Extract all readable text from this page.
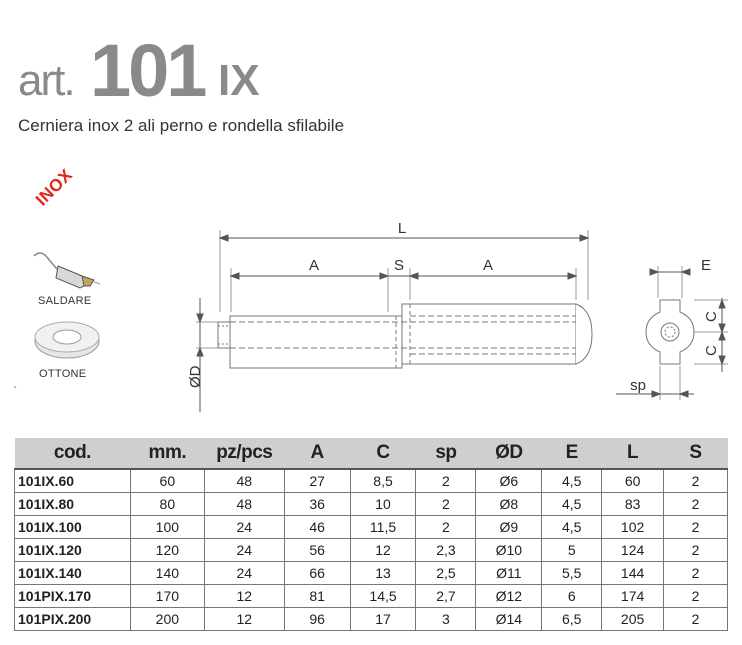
art. 101 IX
Cerniera inox 2 ali perno e rondella sfilabile
INOX
L
A	S	A
ØD
E
C
C
sp
SALDARE
OTTONE
cod.	mm.	pz/pcs	A	C	sp	ØD	E	L	S
101IX.60	60	48	27	8,5	2	Ø6	4,5	60	2
101IX.80	80	48	36	10	2	Ø8	4,5	83	2
101IX.100	100	24	46	11,5	2	Ø9	4,5	102	2
101IX.120	120	24	56	12	2,3	Ø10	5	124	2
101IX.140	140	24	66	13	2,5	Ø11	5,5	144	2
101PIX.170	170	12	81	14,5	2,7	Ø12	6	174	2
101PIX.200	200	12	96	17	3	Ø14	6,5	205	2
